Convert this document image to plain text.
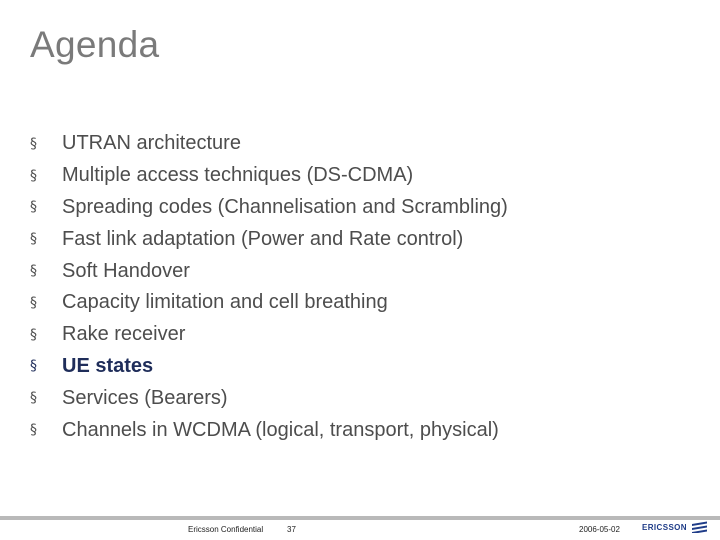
Agenda
§	UTRAN architecture
§	Multiple access techniques (DS-CDMA)
§	Spreading codes (Channelisation and Scrambling)
§	Fast link adaptation (Power and Rate control)
§	Soft Handover
§	Capacity limitation and cell breathing
§	Rake receiver
§	UE states
§	Services (Bearers)
§	Channels in WCDMA (logical, transport, physical)
Ericsson Confidential	37	2006-05-02	ERICSSON
